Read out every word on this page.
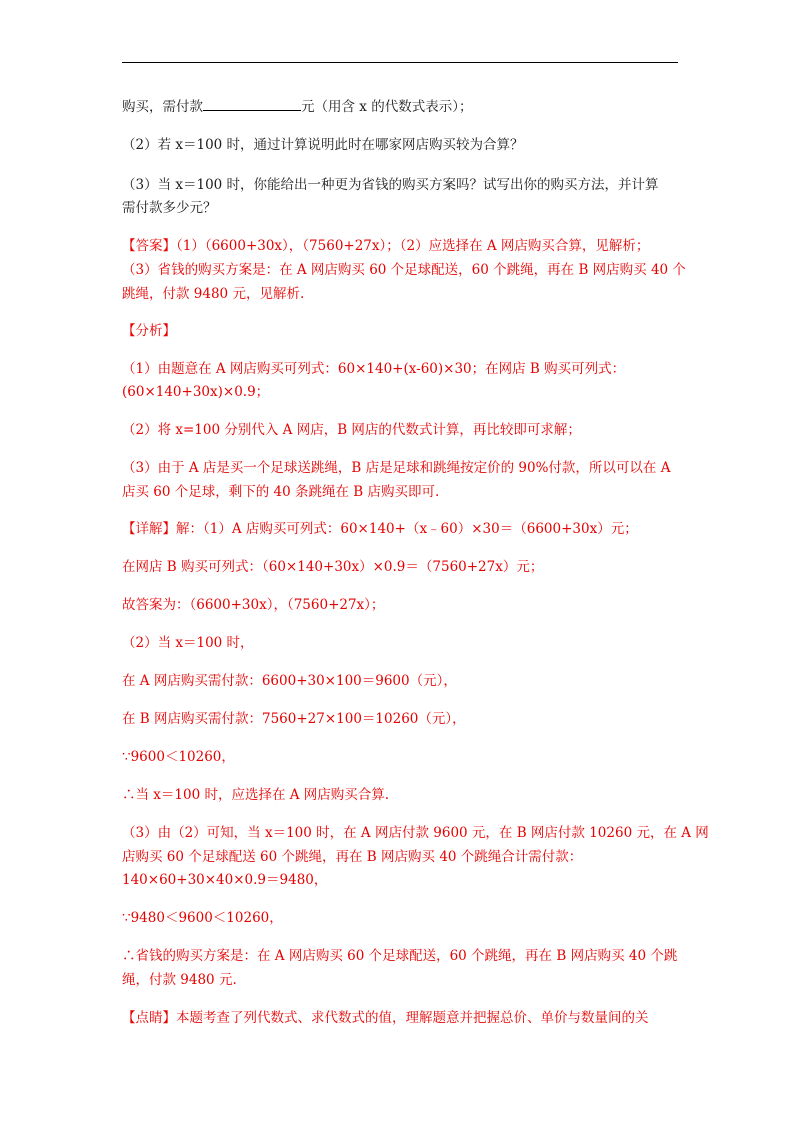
购买，需付款	元（用含 x 的代数式表示）；
（2）若 x＝100 时，通过计算说明此时在哪家网店购买较为合算？
（3）当 x＝100 时，你能给出一种更为省钱的购买方案吗？试写出你的购买方法，并计算
需付款多少元？
【答案】（1）（6600+30x），（7560+27x）；（2）应选择在 A 网店购买合算，见解析；
（3）省钱的购买方案是：在 A 网店购买 60 个足球配送，60 个跳绳，再在 B 网店购买 40 个
跳绳，付款 9480 元，见解析.
【分析】
（1）由题意在 A 网店购买可列式：60×140+(x-60)×30；在网店 B 购买可列式：
(60×140+30x)×0.9；
（2）将 x=100 分别代入 A 网店，B 网店的代数式计算，再比较即可求解；
（3）由于 A 店是买一个足球送跳绳，B 店是足球和跳绳按定价的 90%付款，所以可以在 A
店买 60 个足球，剩下的 40 条跳绳在 B 店购买即可.
【详解】解：（1）A 店购买可列式：60×140+（x﹣60）×30＝（6600+30x）元；
在网店 B 购买可列式：（60×140+30x）×0.9＝（7560+27x）元；
故答案为：（6600+30x），（7560+27x）；
（2）当 x＝100 时，
在 A 网店购买需付款：6600+30×100＝9600（元），
在 B 网店购买需付款：7560+27×100＝10260（元），
∵9600＜10260，
∴当 x＝100 时，应选择在 A 网店购买合算.
（3）由（2）可知，当 x＝100 时，在 A 网店付款 9600 元，在 B 网店付款 10260 元，在 A 网
店购买 60 个足球配送 60 个跳绳，再在 B 网店购买 40 个跳绳合计需付款：
140×60+30×40×0.9＝9480，
∵9480＜9600＜10260，
∴省钱的购买方案是：在 A 网店购买 60 个足球配送，60 个跳绳，再在 B 网店购买 40 个跳
绳，付款 9480 元.
【点睛】本题考查了列代数式、求代数式的值，理解题意并把握总价、单价与数量间的关
